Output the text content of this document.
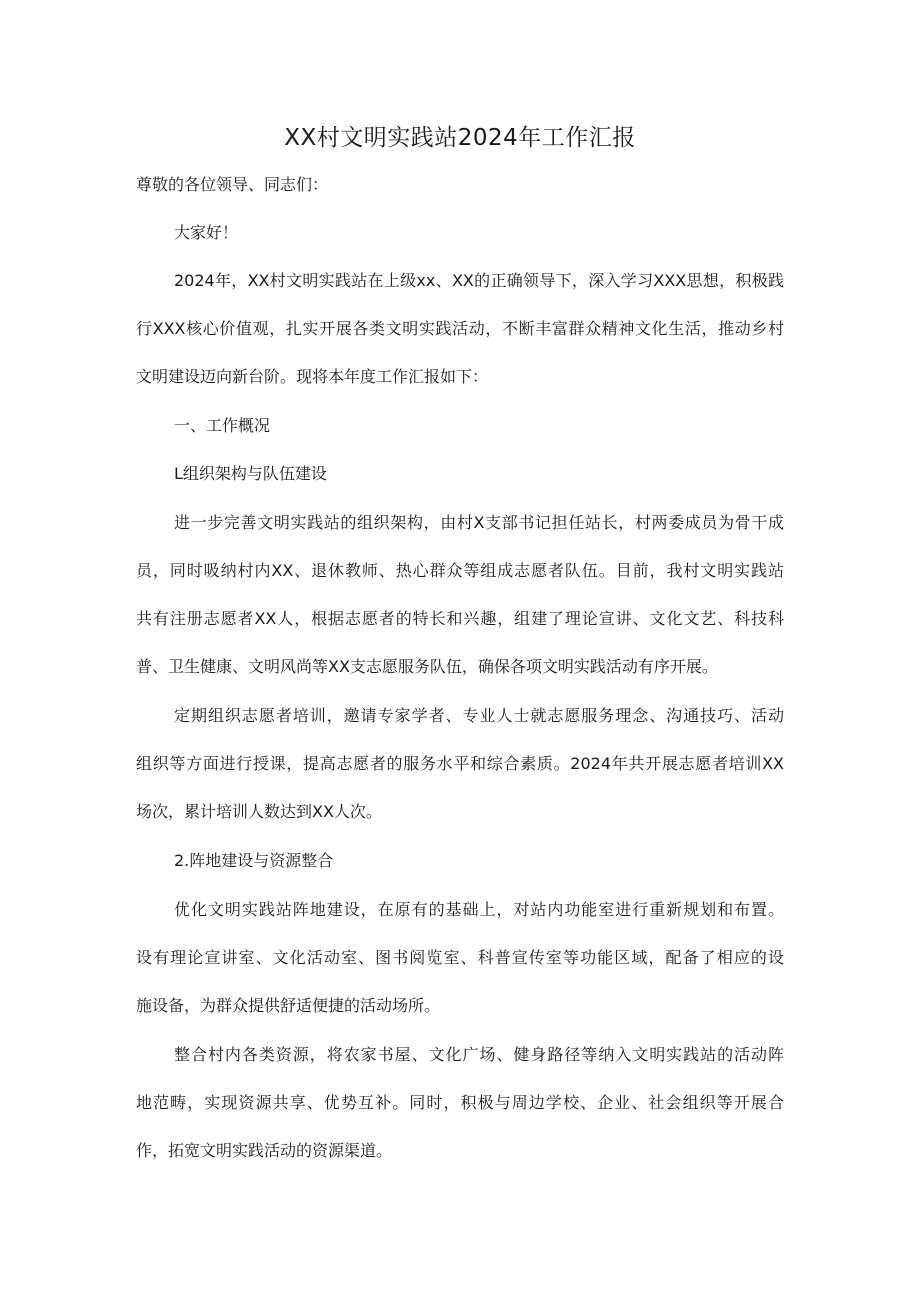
XX村文明实践站2024年工作汇报
尊敬的各位领导、同志们：
大家好！
2024年，XX村文明实践站在上级xx、XX的正确领导下，深入学习XXX思想，积极践
行XXX核心价值观，扎实开展各类文明实践活动，不断丰富群众精神文化生活，推动乡村
文明建设迈向新台阶。现将本年度工作汇报如下：
一、工作概况
L组织架构与队伍建设
进一步完善文明实践站的组织架构，由村X支部书记担任站长，村两委成员为骨干成
员，同时吸纳村内XX、退休教师、热心群众等组成志愿者队伍。目前，我村文明实践站
共有注册志愿者XX人，根据志愿者的特长和兴趣，组建了理论宣讲、文化文艺、科技科
普、卫生健康、文明风尚等XX支志愿服务队伍，确保各项文明实践活动有序开展。
定期组织志愿者培训，邀请专家学者、专业人士就志愿服务理念、沟通技巧、活动
组织等方面进行授课，提高志愿者的服务水平和综合素质。2024年共开展志愿者培训XX
场次，累计培训人数达到XX人次。
2.阵地建设与资源整合
优化文明实践站阵地建设，在原有的基础上，对站内功能室进行重新规划和布置。
设有理论宣讲室、文化活动室、图书阅览室、科普宣传室等功能区域，配备了相应的设
施设备，为群众提供舒适便捷的活动场所。
整合村内各类资源，将农家书屋、文化广场、健身路径等纳入文明实践站的活动阵
地范畴，实现资源共享、优势互补。同时，积极与周边学校、企业、社会组织等开展合
作，拓宽文明实践活动的资源渠道。
